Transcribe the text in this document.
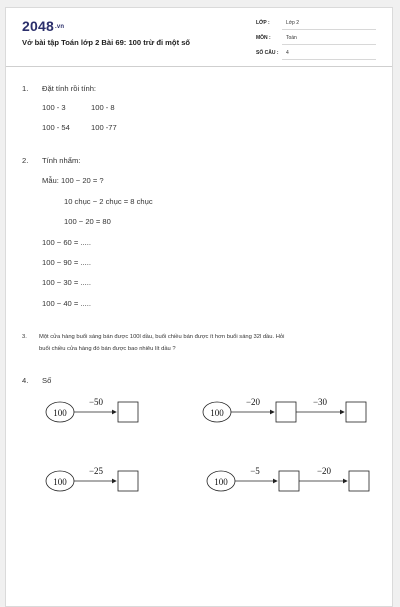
2048.vn
Vở bài tập Toán lớp 2 Bài 69: 100 trừ đi một số
LỚP :	Lớp 2
MÔN :	Toán
SỐ CÂU : 4
1. Đặt tính rồi tính:
100 - 3	100 - 8
100 - 54	100 -77
2. Tính nhẩm:
Mẫu: 100 − 20 = ?
10 chục − 2 chục = 8 chục
100 − 20 = 80
100 − 60 = .....
100 − 90 = .....
100 − 30 = .....
100 − 40 = .....
3. Một cửa hàng buổi sáng bán được 100l dầu, buổi chiều bán được ít hơn buổi sáng 32l dầu. Hỏi
buổi chiều cửa hàng đó bán được bao nhiêu lít dầu ?
4. Số
100
−50
100
−20	−30
100
−25
100
−5	−20
